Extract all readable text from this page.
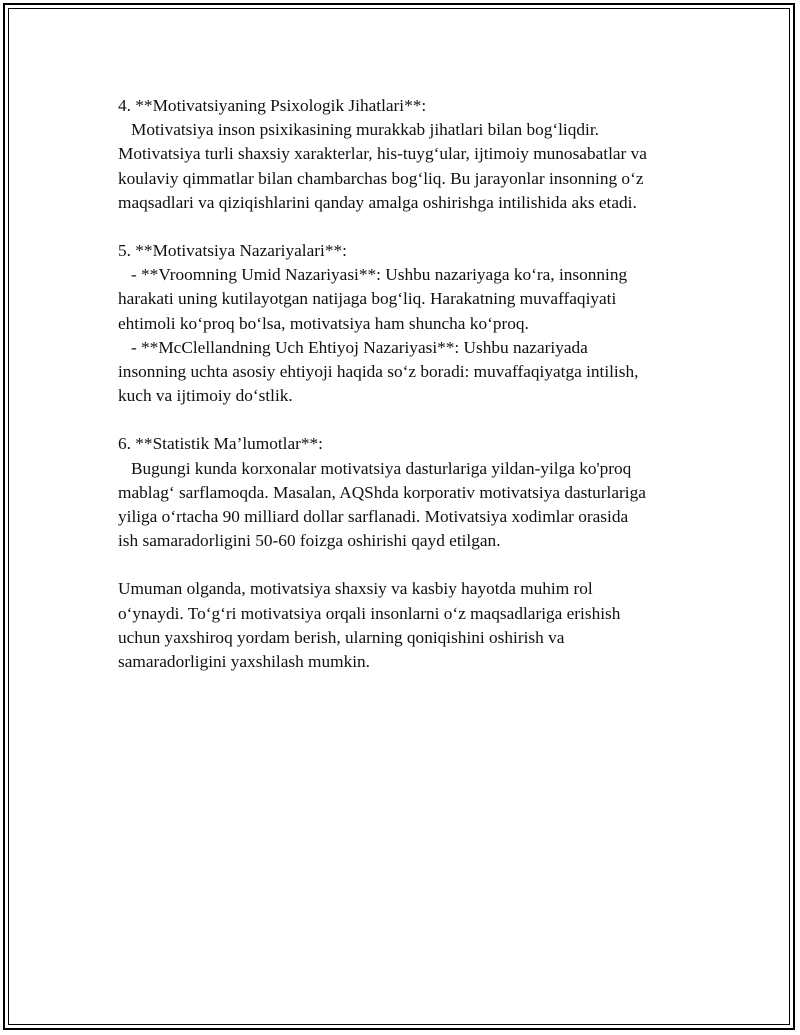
4. **Motivatsiyaning Psixologik Jihatlari**:
Motivatsiya inson psixikasining murakkab jihatlari bilan bog‘liqdir.
Motivatsiya turli shaxsiy xarakterlar, his-tuyg‘ular, ijtimoiy munosabatlar va
koulaviy qimmatlar bilan chambarchas bog‘liq. Bu jarayonlar insonning o‘z
maqsadlari va qiziqishlarini qanday amalga oshirishga intilishida aks etadi.
5. **Motivatsiya Nazariyalari**:
- **Vroomning Umid Nazariyasi**: Ushbu nazariyaga ko‘ra, insonning
harakati uning kutilayotgan natijaga bog‘liq. Harakatning muvaffaqiyati
ehtimoli ko‘proq bo‘lsa, motivatsiya ham shuncha ko‘proq.
- **McClellandning Uch Ehtiyoj Nazariyasi**: Ushbu nazariyada
insonning uchta asosiy ehtiyoji haqida so‘z boradi: muvaffaqiyatga intilish,
kuch va ijtimoiy do‘stlik.
6. **Statistik Ma’lumotlar**:
Bugungi kunda korxonalar motivatsiya dasturlariga yildan-yilga ko'proq
mablag‘ sarflamoqda. Masalan, AQShda korporativ motivatsiya dasturlariga
yiliga o‘rtacha 90 milliard dollar sarflanadi. Motivatsiya xodimlar orasida
ish samaradorligini 50-60 foizga oshirishi qayd etilgan.
Umuman olganda, motivatsiya shaxsiy va kasbiy hayotda muhim rol
o‘ynaydi. To‘g‘ri motivatsiya orqali insonlarni o‘z maqsadlariga erishish
uchun yaxshiroq yordam berish, ularning qoniqishini oshirish va
samaradorligini yaxshilash mumkin.
